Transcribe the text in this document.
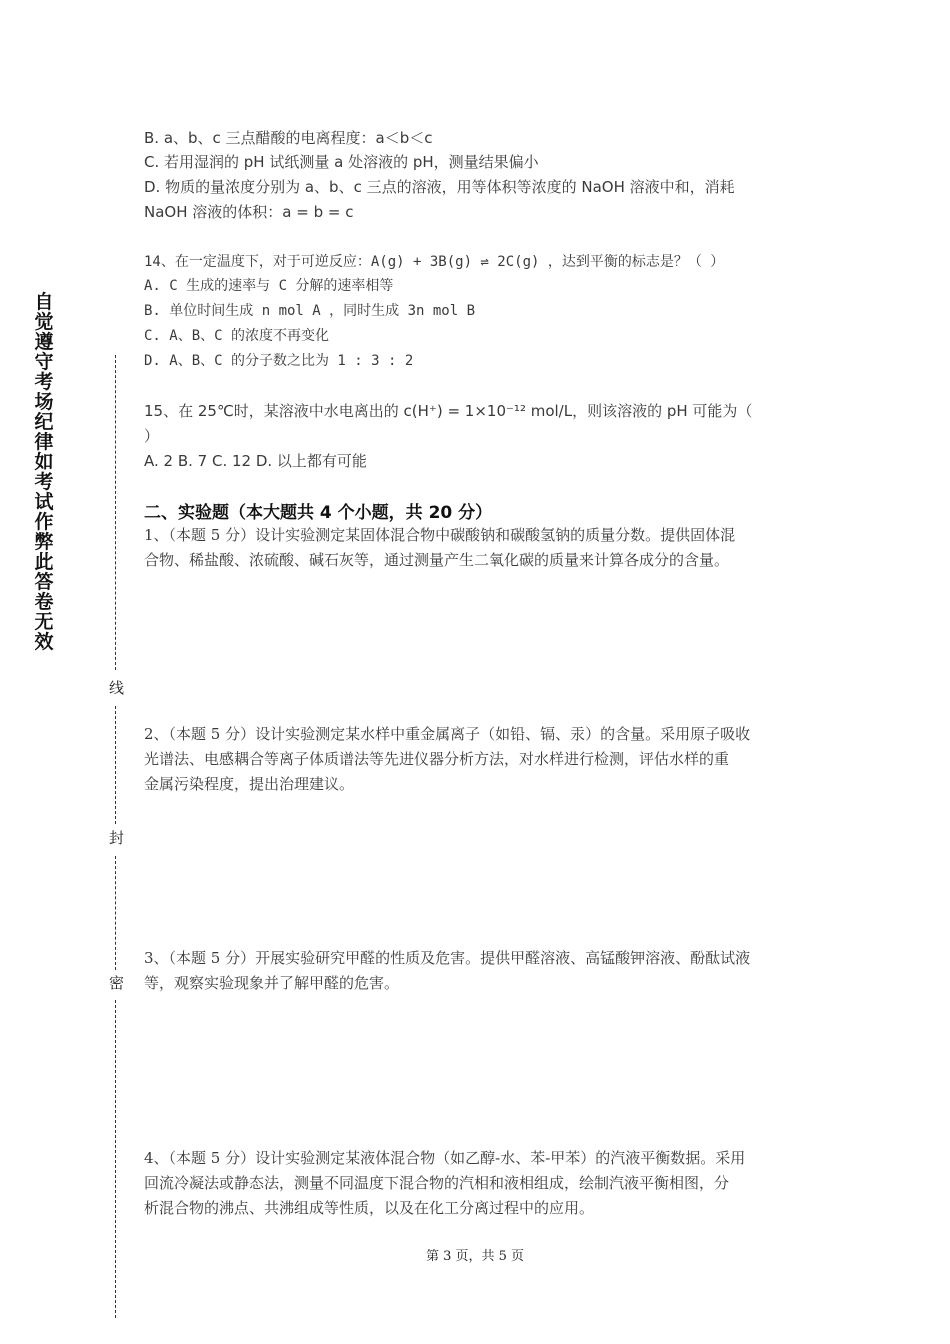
自觉遵守考场纪律如考试作弊此答卷无效
线
封
密
B. a、b、c 三点醋酸的电离程度：a＜b＜c
C. 若用湿润的 pH 试纸测量 a 处溶液的 pH，测量结果偏小
D. 物质的量浓度分别为 a、b、c 三点的溶液，用等体积等浓度的 NaOH 溶液中和，消耗
NaOH 溶液的体积：a = b = c
14、在一定温度下，对于可逆反应：A(g) + 3B(g) ⇌ 2C(g) ，达到平衡的标志是？（ ）
A. C 生成的速率与 C 分解的速率相等
B. 单位时间生成 n mol A ，同时生成 3n mol B
C. A、B、C 的浓度不再变化
D. A、B、C 的分子数之比为 1 : 3 : 2
15、在 25℃时，某溶液中水电离出的 c(H⁺) = 1×10⁻¹² mol/L，则该溶液的 pH 可能为（
）
A. 2 B. 7 C. 12 D. 以上都有可能
二、实验题（本大题共 4 个小题，共 20 分）
1、（本题 5 分）设计实验测定某固体混合物中碳酸钠和碳酸氢钠的质量分数。提供固体混
合物、稀盐酸、浓硫酸、碱石灰等，通过测量产生二氧化碳的质量来计算各成分的含量。
2、（本题 5 分）设计实验测定某水样中重金属离子（如铅、镉、汞）的含量。采用原子吸收
光谱法、电感耦合等离子体质谱法等先进仪器分析方法，对水样进行检测，评估水样的重
金属污染程度，提出治理建议。
3、（本题 5 分）开展实验研究甲醛的性质及危害。提供甲醛溶液、高锰酸钾溶液、酚酞试液
等，观察实验现象并了解甲醛的危害。
4、（本题 5 分）设计实验测定某液体混合物（如乙醇-水、苯-甲苯）的汽液平衡数据。采用
回流冷凝法或静态法，测量不同温度下混合物的汽相和液相组成，绘制汽液平衡相图，分
析混合物的沸点、共沸组成等性质，以及在化工分离过程中的应用。
第 3 页，共 5 页
